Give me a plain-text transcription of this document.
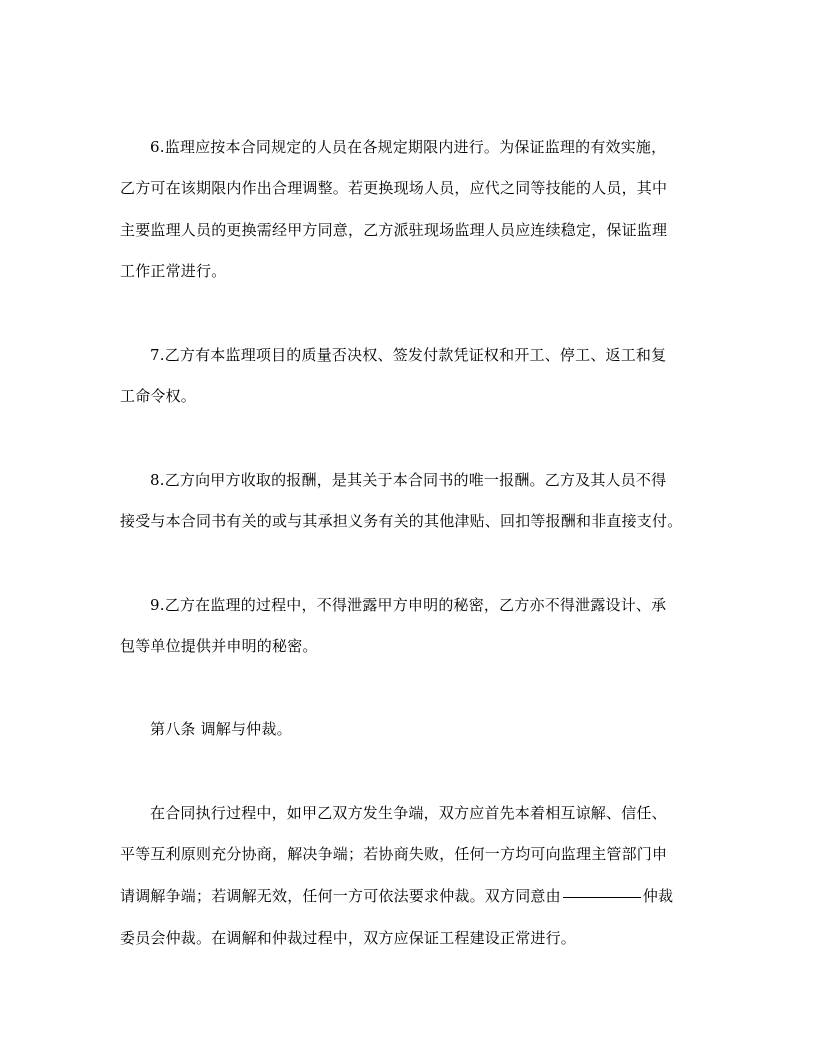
6.监理应按本合同规定的人员在各规定期限内进行。为保证监理的有效实施，
乙方可在该期限内作出合理调整。若更换现场人员，应代之同等技能的人员，其中
主要监理人员的更换需经甲方同意，乙方派驻现场监理人员应连续稳定，保证监理
工作正常进行。
7.乙方有本监理项目的质量否决权、签发付款凭证权和开工、停工、返工和复
工命令权。
8.乙方向甲方收取的报酬，是其关于本合同书的唯一报酬。乙方及其人员不得
接受与本合同书有关的或与其承担义务有关的其他津贴、回扣等报酬和非直接支付。
9.乙方在监理的过程中，不得泄露甲方申明的秘密，乙方亦不得泄露设计、承
包等单位提供并申明的秘密。
第八条 调解与仲裁。
在合同执行过程中，如甲乙双方发生争端，双方应首先本着相互谅解、信任、
平等互利原则充分协商，解决争端；若协商失败，任何一方均可向监理主管部门申
请调解争端；若调解无效，任何一方可依法要求仲裁。双方同意由	仲裁
委员会仲裁。在调解和仲裁过程中，双方应保证工程建设正常进行。
